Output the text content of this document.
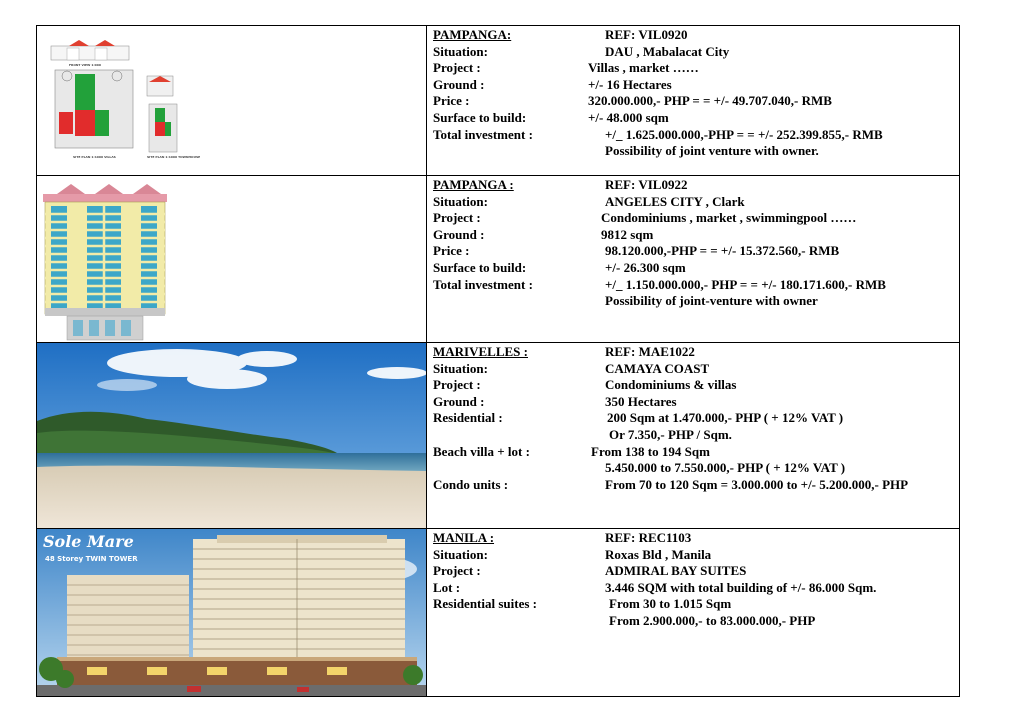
FRONT VIEW 1:000
SITE PLAN 1:1000 VILLAS	SITE PLAN 1:1000 TOWNHOUSE
PAMPANGA:	REF: VIL0920
Situation:	DAU , Mabalacat City
Project :	Villas , market ……
Ground :	+/- 16 Hectares
Price :	320.000.000,- PHP = = +/- 49.707.040,- RMB
Surface to build:	+/- 48.000 sqm
Total investment :	+/_ 1.625.000.000,-PHP = = +/- 252.399.855,- RMB
Possibility of joint venture with owner.
PAMPANGA :	REF: VIL0922
Situation:	ANGELES CITY , Clark
Project :	Condominiums , market , swimmingpool ……
Ground :	9812 sqm
Price :	98.120.000,-PHP = = +/- 15.372.560,- RMB
Surface to build:	+/- 26.300 sqm
Total investment :	+/_ 1.150.000.000,- PHP = = +/- 180.171.600,- RMB
Possibility of joint-venture with owner
MARIVELLES :	REF: MAE1022
Situation:	CAMAYA COAST
Project :	Condominiums & villas
Ground :	350 Hectares
Residential :	200 Sqm at 1.470.000,- PHP ( + 12% VAT )
Or 7.350,- PHP / Sqm.
Beach villa + lot :	From 138 to 194 Sqm
5.450.000 to 7.550.000,- PHP ( + 12% VAT )
Condo units :	From 70 to 120 Sqm = 3.000.000 to +/- 5.200.000,- PHP
Sole Mare
48 Storey TWIN TOWER
MANILA :	REF: REC1103
Situation:	Roxas Bld , Manila
Project :	ADMIRAL BAY SUITES
Lot :	3.446 SQM with total building of +/- 86.000 Sqm.
Residential suites :	From 30 to 1.015 Sqm
From 2.900.000,- to 83.000.000,- PHP
